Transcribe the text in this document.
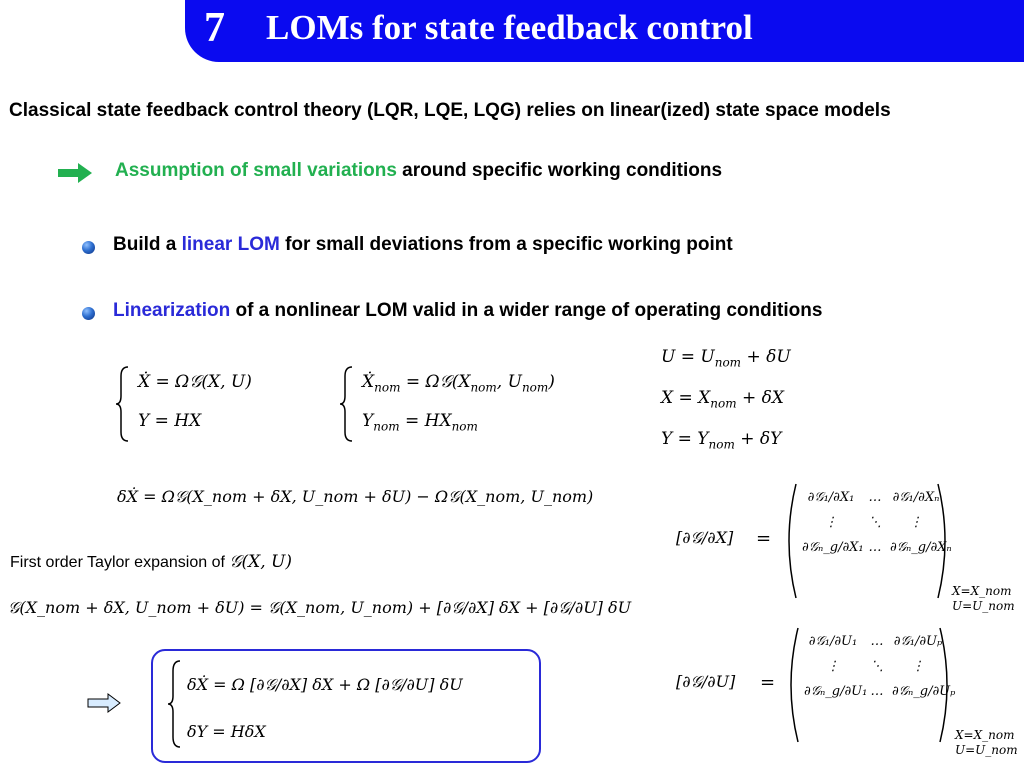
7 LOMs for state feedback control
Classical state feedback control theory (LQR, LQE, LQG) relies on linear(ized) state space models
Assumption of small variations around specific working conditions
Build a linear LOM for small deviations from a specific working point
Linearization of a nonlinear LOM valid in a wider range of operating conditions
Ẋ = Ω𝒢(X, U)
Y = HX
Ẋ$_{nom}$ = $\Omega 𝒢(X_{nom}$, $U_{nom}$)
$Y_{nom} = HX_{nom}$
$U = U_{nom} + \delta U$
$X = X_{nom} + \delta X$
$Y = Y_{nom} + \delta Y$
δẊ = Ω𝒢(X_nom + δX, U_nom + δU) − Ω𝒢(X_nom, U_nom)
First order Taylor expansion of 𝒢(X, U)
𝒢(X_nom + δX, U_nom + δU) = 𝒢(X_nom, U_nom) + [∂𝒢/∂X] δX + [∂𝒢/∂U] δU
δẊ = Ω [∂𝒢/∂X] δX + Ω [∂𝒢/∂U] δU
δY = HδX
[∂𝒢/∂X] =
∂𝒢₁/∂X₁	… ∂𝒢₁/∂Xₙ
⋮	⋱	⋮
∂𝒢ₙ_g/∂X₁ … ∂𝒢ₙ_g/∂Xₙ
X=X_nom
U=U_nom
[∂𝒢/∂U] =
∂𝒢₁/∂U₁	… ∂𝒢₁/∂Uₚ
⋮	⋱	⋮
∂𝒢ₙ_g/∂U₁ … ∂𝒢ₙ_g/∂Uₚ
X=X_nom
U=U_nom
